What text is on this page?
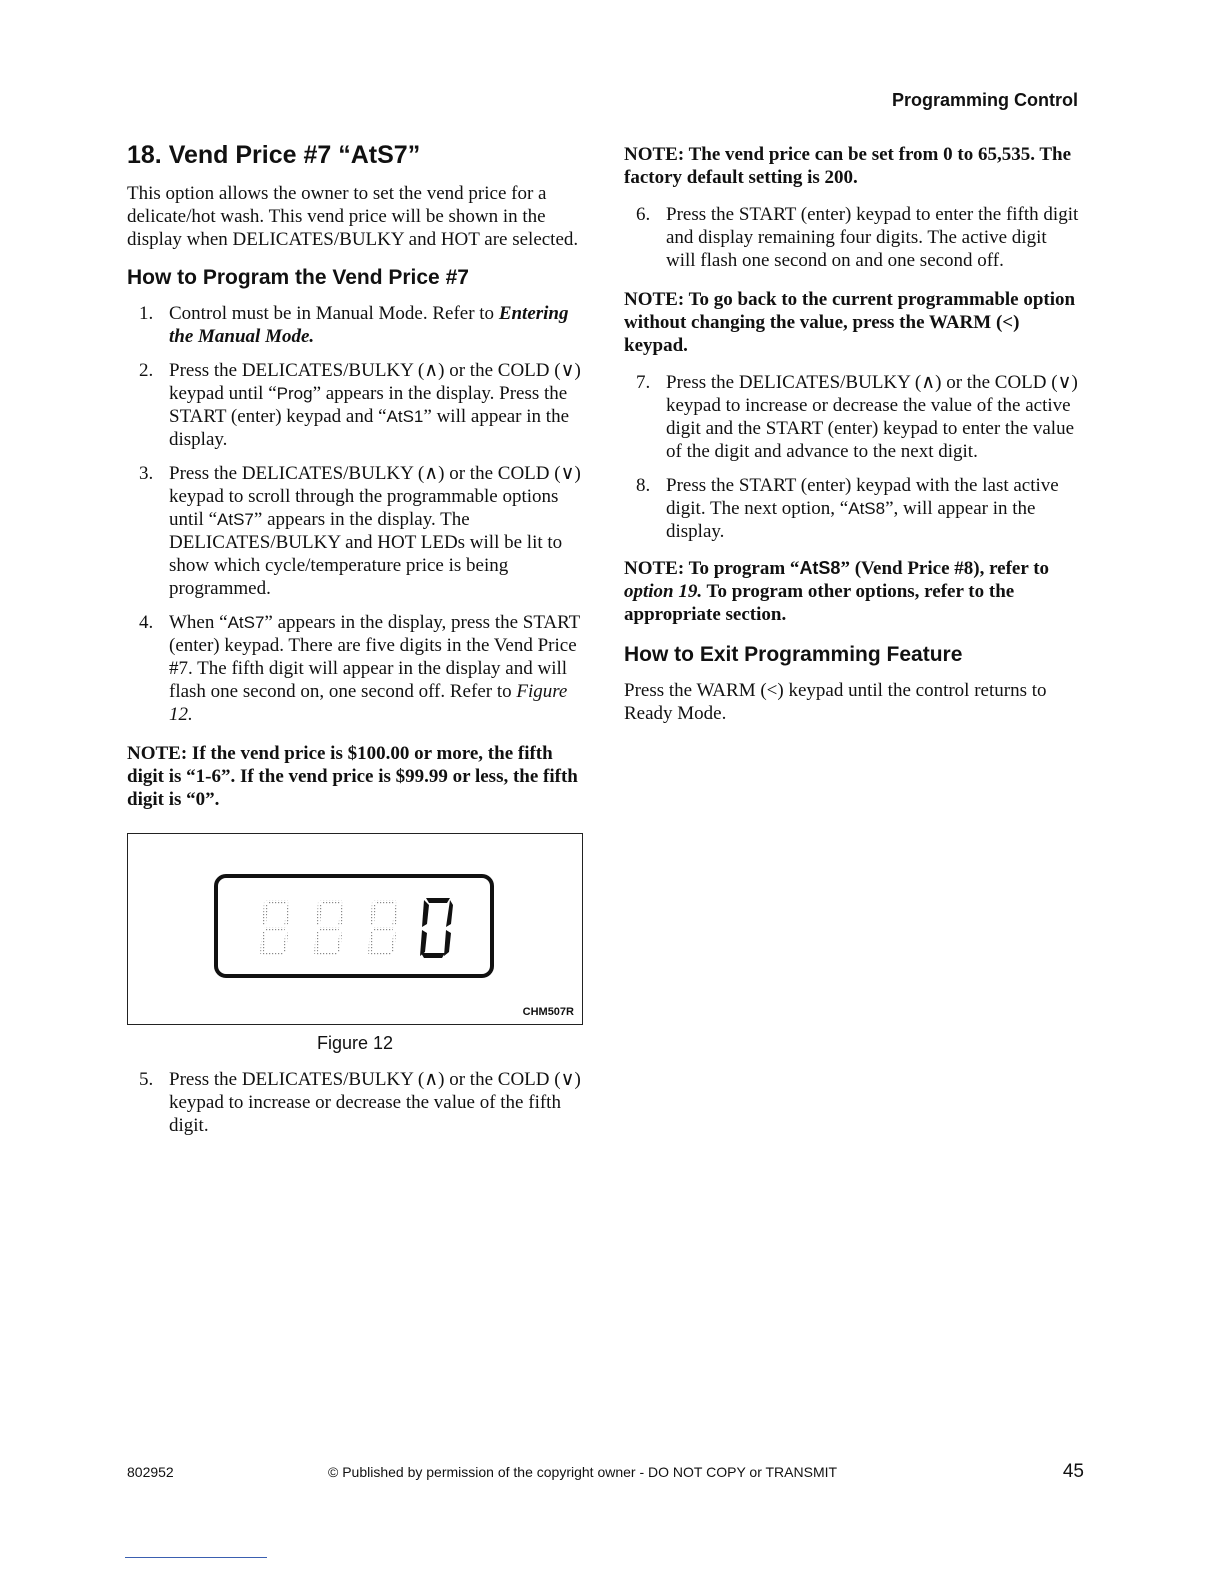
Programming Control
18. Vend Price #7 “AtS7”

This option allows the owner to set the vend price for a delicate/hot wash. This vend price will be shown in the display when DELICATES/BULKY and HOT are selected.

How to Program the Vend Price #7
1. Control must be in Manual Mode. Refer to Entering the Manual Mode.
2. Press the DELICATES/BULKY (∧) or the COLD (∨) keypad until “Prog” appears in the display. Press the START (enter) keypad and “AtS1” will appear in the display.
3. Press the DELICATES/BULKY (∧) or the COLD (∨) keypad to scroll through the programmable options until “AtS7” appears in the display. The DELICATES/BULKY and HOT LEDs will be lit to show which cycle/temperature price is being programmed.
4. When “AtS7” appears in the display, press the START (enter) keypad. There are five digits in the Vend Price #7. The fifth digit will appear in the display and will flash one second on, one second off. Refer to Figure 12.

NOTE: If the vend price is $100.00 or more, the fifth digit is “1-6”. If the vend price is $99.99 or less, the fifth digit is “0”.

CHM507R
Figure 12
5. Press the DELICATES/BULKY (∧) or the COLD (∨) keypad to increase or decrease the value of the fifth digit.

NOTE: The vend price can be set from 0 to 65,535. The factory default setting is 200.

6. Press the START (enter) keypad to enter the fifth digit and display remaining four digits. The active digit will flash one second on and one second off.

NOTE: To go back to the current programmable option without changing the value, press the WARM (<) keypad.

7. Press the DELICATES/BULKY (∧) or the COLD (∨) keypad to increase or decrease the value of the active digit and the START (enter) keypad to enter the value of the digit and advance to the next digit.
8. Press the START (enter) keypad with the last active digit. The next option, “AtS8”, will appear in the display.

NOTE: To program “AtS8” (Vend Price #8), refer to option 19. To program other options, refer to the appropriate section.

How to Exit Programming Feature

Press the WARM (<) keypad until the control returns to Ready Mode.

802952	© Published by permission of the copyright owner - DO NOT COPY or TRANSMIT	45
